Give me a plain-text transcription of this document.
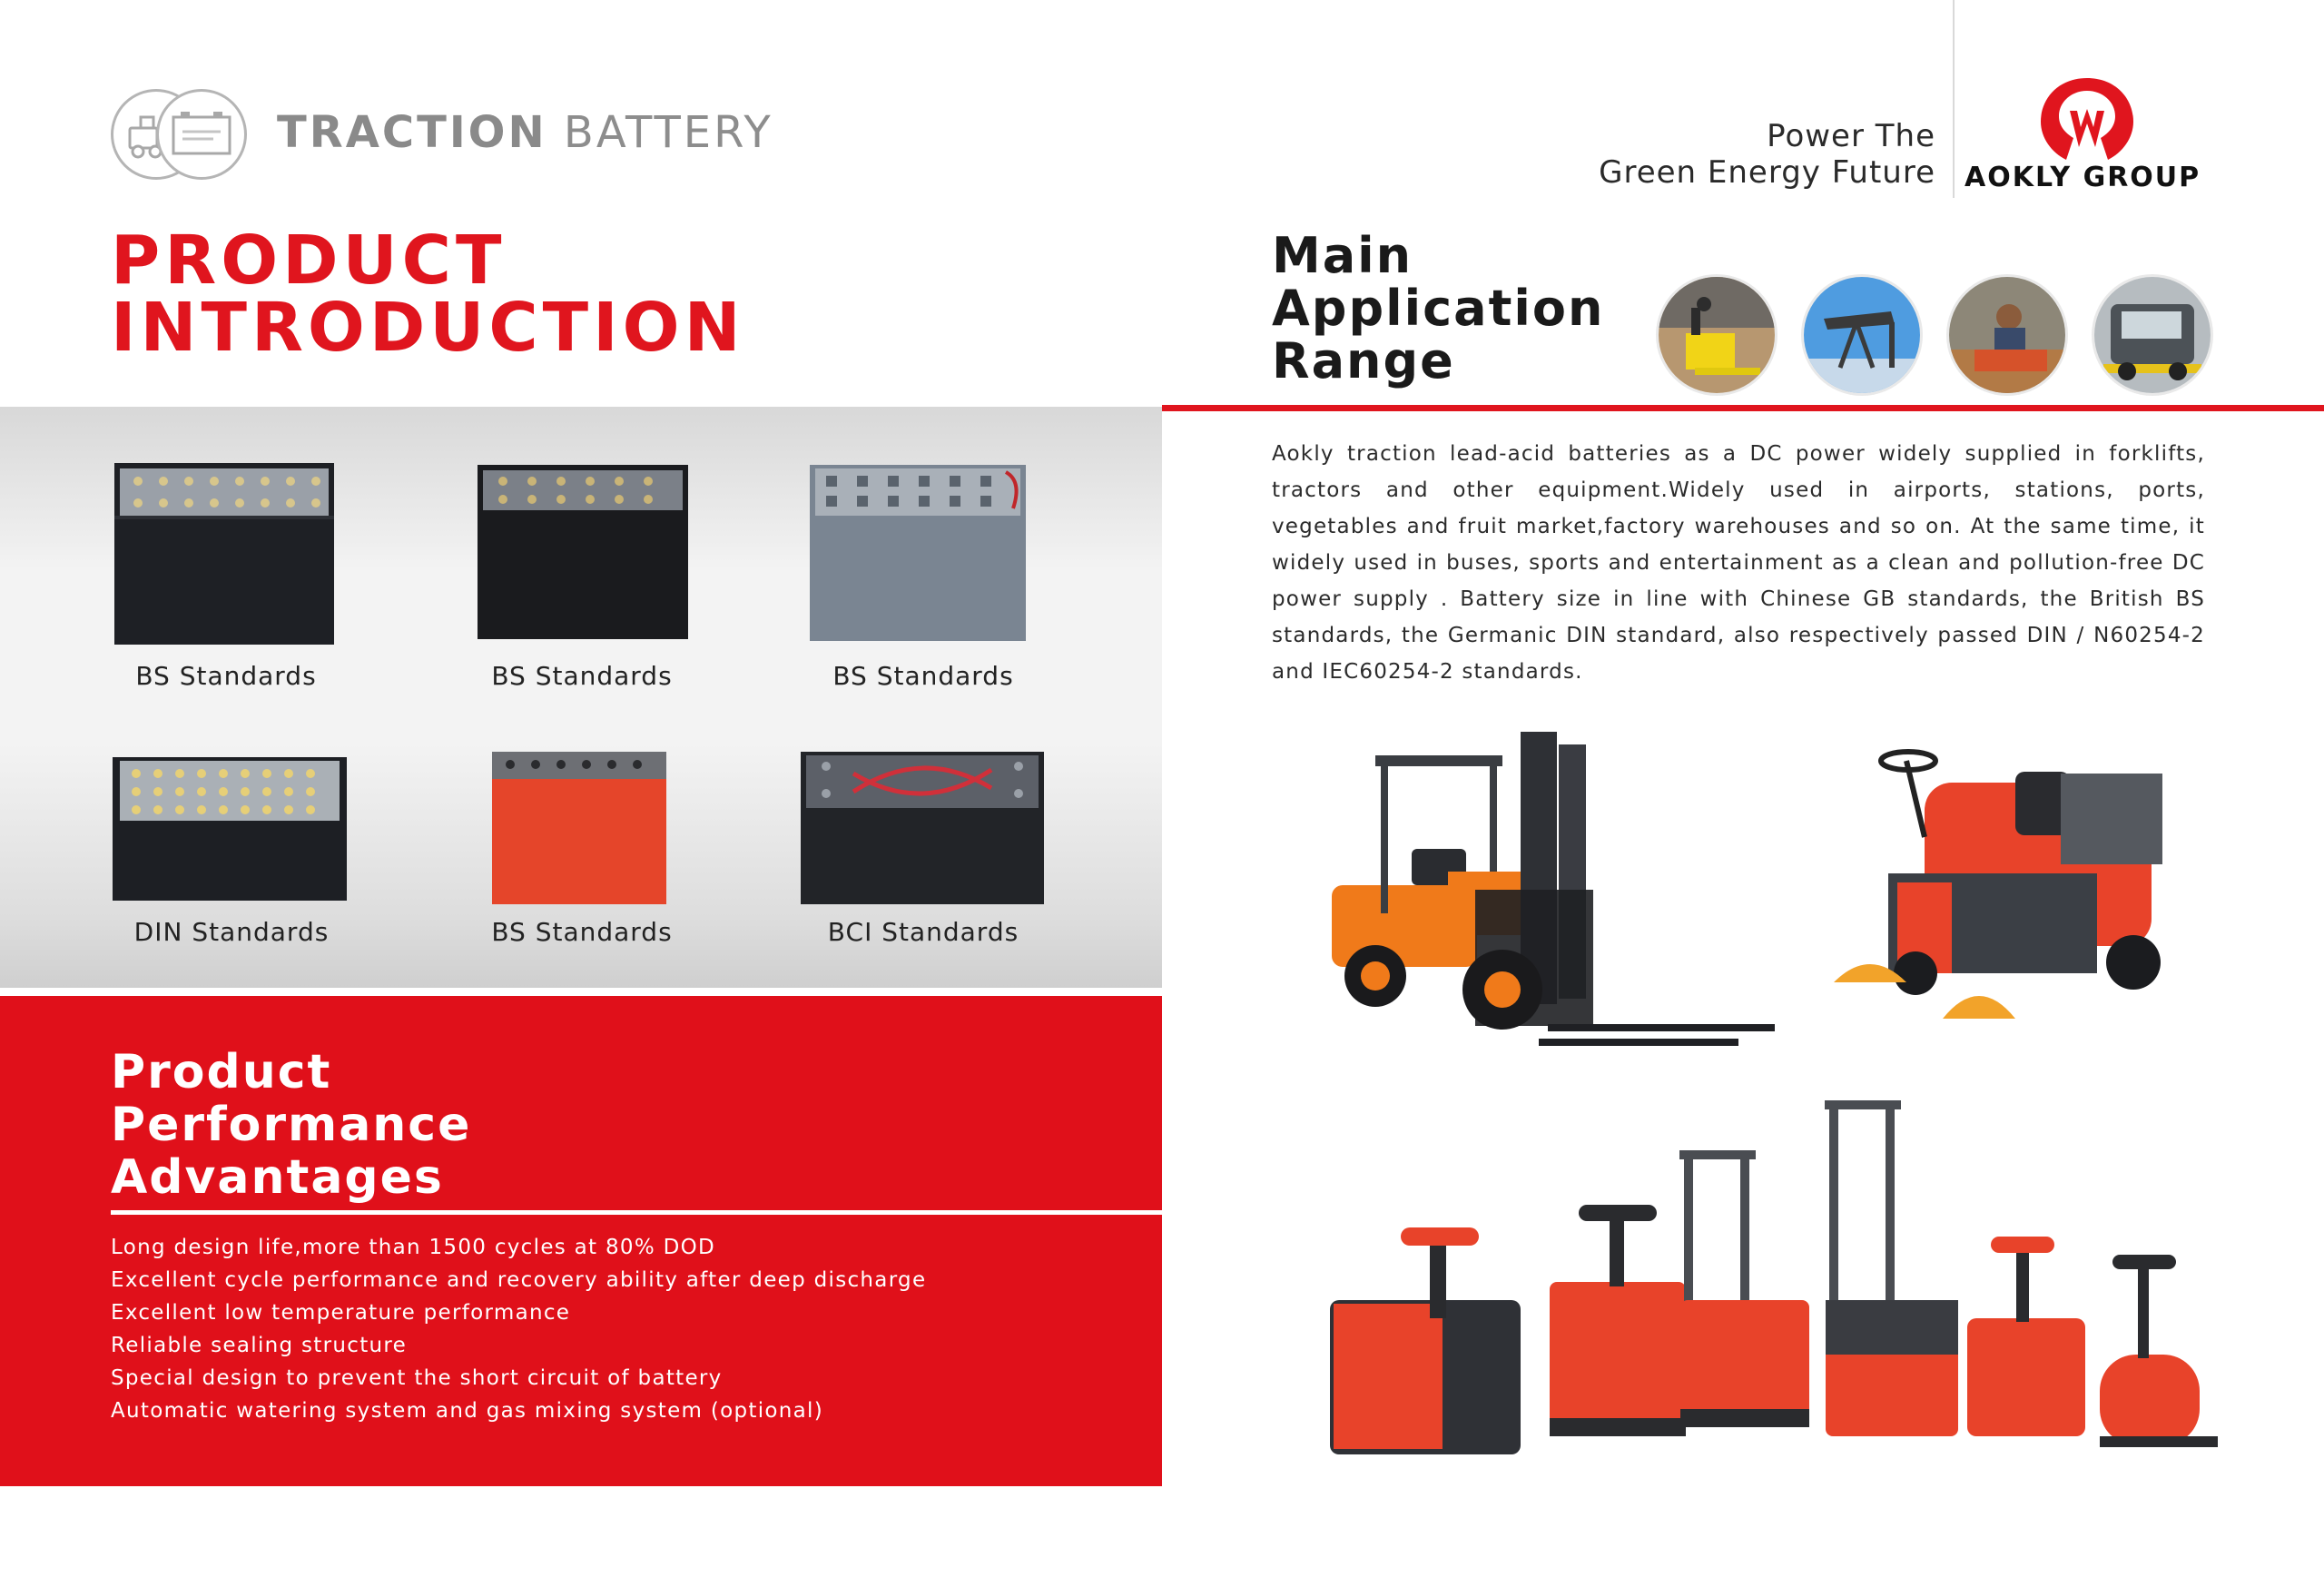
TRACTION BATTERY	Power The
Green Energy Future AOKLY GROUP
PRODUCT
INTRODUCTION
Main
Application
Range
BS Standards	BS Standards	BS Standards
DIN Standards	BS Standards	BCI Standards
Aokly traction lead-acid batteries as a DC power widely supplied in forklifts, tractors and other equipment.Widely used in airports, stations, ports, vegetables and fruit market,factory warehouses and so on. At the same time, it widely used in buses, sports and entertainment as a clean and pollution-free DC power supply . Battery size in line with Chinese GB standards, the British BS standards, the Germanic DIN standard, also respectively passed DIN / N60254-2 and IEC60254-2 standards.
Product
Performance
Advantages
Long design life,more than 1500 cycles at 80% DOD
Excellent cycle performance and recovery ability after deep discharge
Excellent low temperature performance
Reliable sealing structure
Special design to prevent the short circuit of battery
Automatic watering system and gas mixing system (optional)
